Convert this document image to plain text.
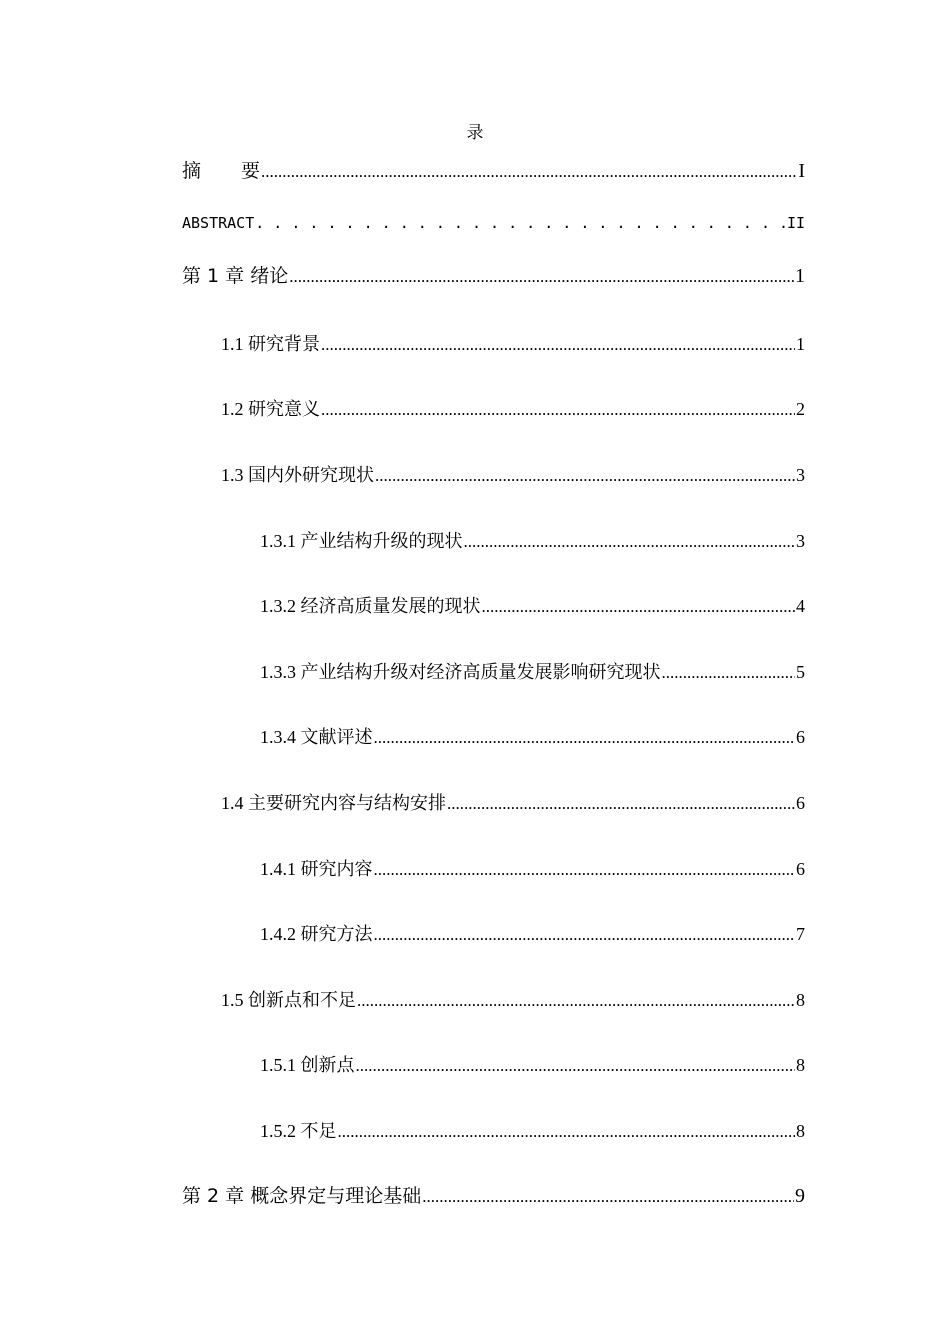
录
摘 要 .....	I
ABSTRACT . . .	II
第 1 章 绪论 .....	1
1.1 研究背景 .....	1
1.2 研究意义 .....	2
1.3 国内外研究现状 .....	3
1.3.1 产业结构升级的现状 .....	3
1.3.2 经济高质量发展的现状 .....	4
1.3.3 产业结构升级对经济高质量发展影响研究现状 .....	5
1.3.4 文献评述 .....	6
1.4 主要研究内容与结构安排 .....	6
1.4.1 研究内容 .....	6
1.4.2 研究方法 .....	7
1.5 创新点和不足 .....	8
1.5.1 创新点 .....	8
1.5.2 不足 .....	8
第 2 章 概念界定与理论基础 .....	9
